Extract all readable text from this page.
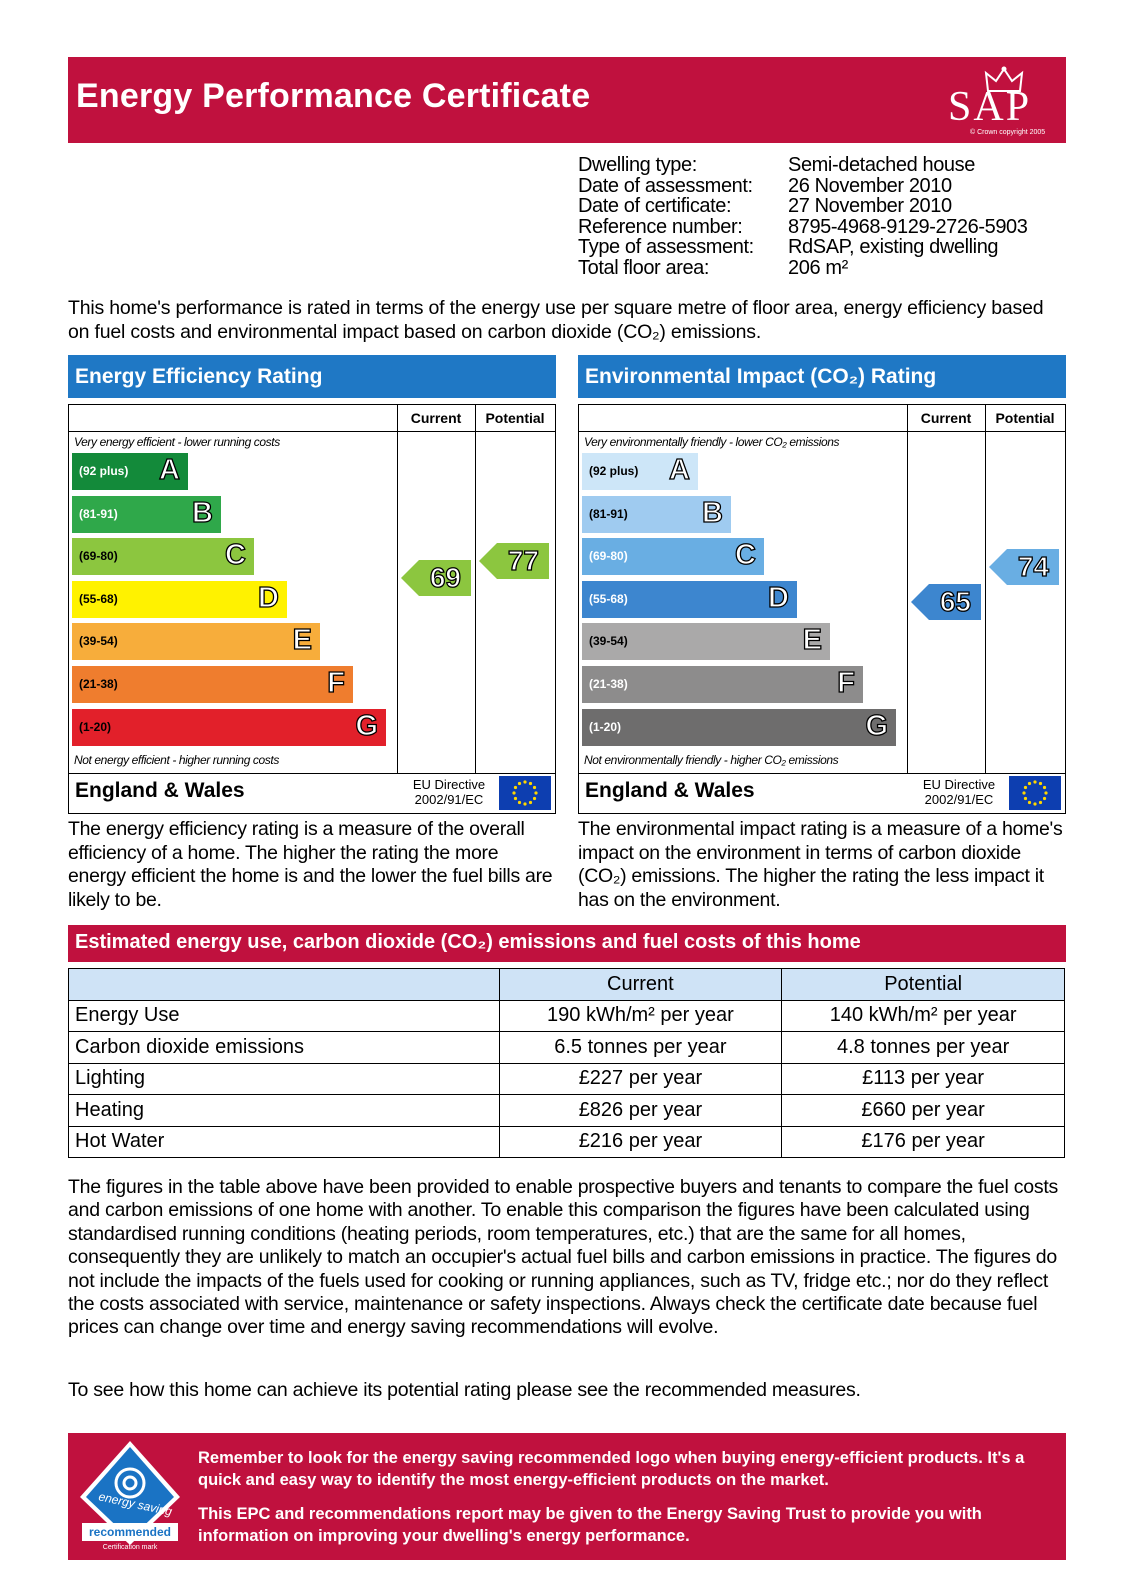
Energy Performance Certificate	SAP
© Crown copyright 2005
Dwelling type:	Semi-detached house
Date of assessment:	26 November 2010
Date of certificate:	27 November 2010
Reference number:	8795-4968-9129-2726-5903
Type of assessment:	RdSAP, existing dwelling
Total floor area:	206 m²
This home's performance is rated in terms of the energy use per square metre of floor area, energy efficiency based on fuel costs and environmental impact based on carbon dioxide (CO₂) emissions.
Energy Efficiency Rating
Current	Potential
Very energy efficient - lower running costs
Not energy efficient - higher running costs
(92 plus) A
(81-91)	B
(69-80)	C
(55-68)	D
(39-54)	E
(21-38)	F
(1-20)	G
69
77
England & Wales	EU Directive 2002/91/EC
Environmental Impact (CO₂) Rating
Current	Potential
Very environmentally friendly - lower CO₂ emissions
Not environmentally friendly - higher CO₂ emissions
(92 plus) A
(81-91)	B
(69-80)	C
(55-68)	D
(39-54)	E
(21-38)	F
(1-20)	G
65
74
England & Wales	EU Directive 2002/91/EC
The energy efficiency rating is a measure of the overall efficiency of a home. The higher the rating the more energy efficient the home is and the lower the fuel bills are likely to be.
The environmental impact rating is a measure of a home's impact on the environment in terms of carbon dioxide (CO₂) emissions. The higher the rating the less impact it has on the environment.
Estimated energy use, carbon dioxide (CO₂) emissions and fuel costs of this home
	Current	Potential
Energy Use	190 kWh/m² per year	140 kWh/m² per year
Carbon dioxide emissions	6.5 tonnes per year	4.8 tonnes per year
Lighting	£227 per year	£113 per year
Heating	£826 per year	£660 per year
Hot Water	£216 per year	£176 per year
The figures in the table above have been provided to enable prospective buyers and tenants to compare the fuel costs and carbon emissions of one home with another. To enable this comparison the figures have been calculated using standardised running conditions (heating periods, room temperatures, etc.) that are the same for all homes, consequently they are unlikely to match an occupier's actual fuel bills and carbon emissions in practice. The figures do not include the impacts of the fuels used for cooking or running appliances, such as TV, fridge etc.; nor do they reflect the costs associated with service, maintenance or safety inspections. Always check the certificate date because fuel prices can change over time and energy saving recommendations will evolve.
To see how this home can achieve its potential rating please see the recommended measures.
energy saving
recommended
Certification mark
Remember to look for the energy saving recommended logo when buying energy-efficient products. It's a quick and easy way to identify the most energy-efficient products on the market.
This EPC and recommendations report may be given to the Energy Saving Trust to provide you with information on improving your dwelling's energy performance.
